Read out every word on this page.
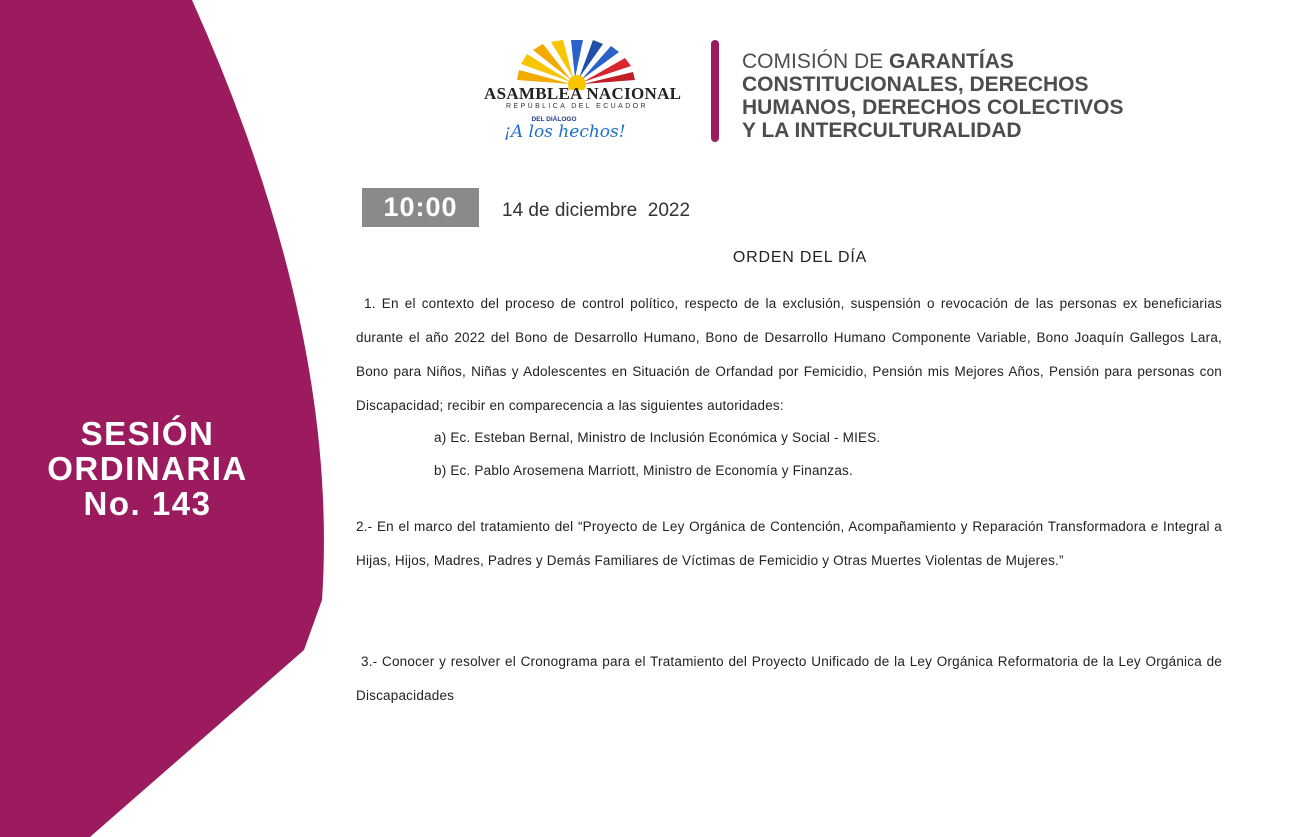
SESIÓN
ORDINARIA
No. 143
ASAMBLEA NACIONAL
REPÚBLICA DEL ECUADOR
DEL DIÁLOGO
¡A los hechos!
COMISIÓN DE GARANTÍAS
CONSTITUCIONALES, DERECHOS
HUMANOS, DERECHOS COLECTIVOS
Y LA INTERCULTURALIDAD
10:00	14 de diciembre  2022
ORDEN DEL DÍA
1. En el contexto del proceso de control político, respecto de la exclusión, suspensión o revocación de las personas ex beneficiarias durante el año 2022 del Bono de Desarrollo Humano, Bono de Desarrollo Humano Componente Variable, Bono Joaquín Gallegos Lara, Bono para Niños, Niñas y Adolescentes en Situación de Orfandad por Femicidio, Pensión mis Mejores Años, Pensión para personas con Discapacidad; recibir en comparecencia a las siguientes autoridades:
a) Ec. Esteban Bernal, Ministro de Inclusión Económica y Social - MIES.
b) Ec. Pablo Arosemena Marriott, Ministro de Economía y Finanzas.
2.- En el marco del tratamiento del “Proyecto de Ley Orgánica de Contención, Acompañamiento y Reparación Transformadora e Integral a Hijas, Hijos, Madres, Padres y Demás Familiares de Víctimas de Femicidio y Otras Muertes Violentas de Mujeres.”
3.- Conocer y resolver el Cronograma para el Tratamiento del Proyecto Unificado de la Ley Orgánica Reformatoria de la Ley Orgánica de Discapacidades
